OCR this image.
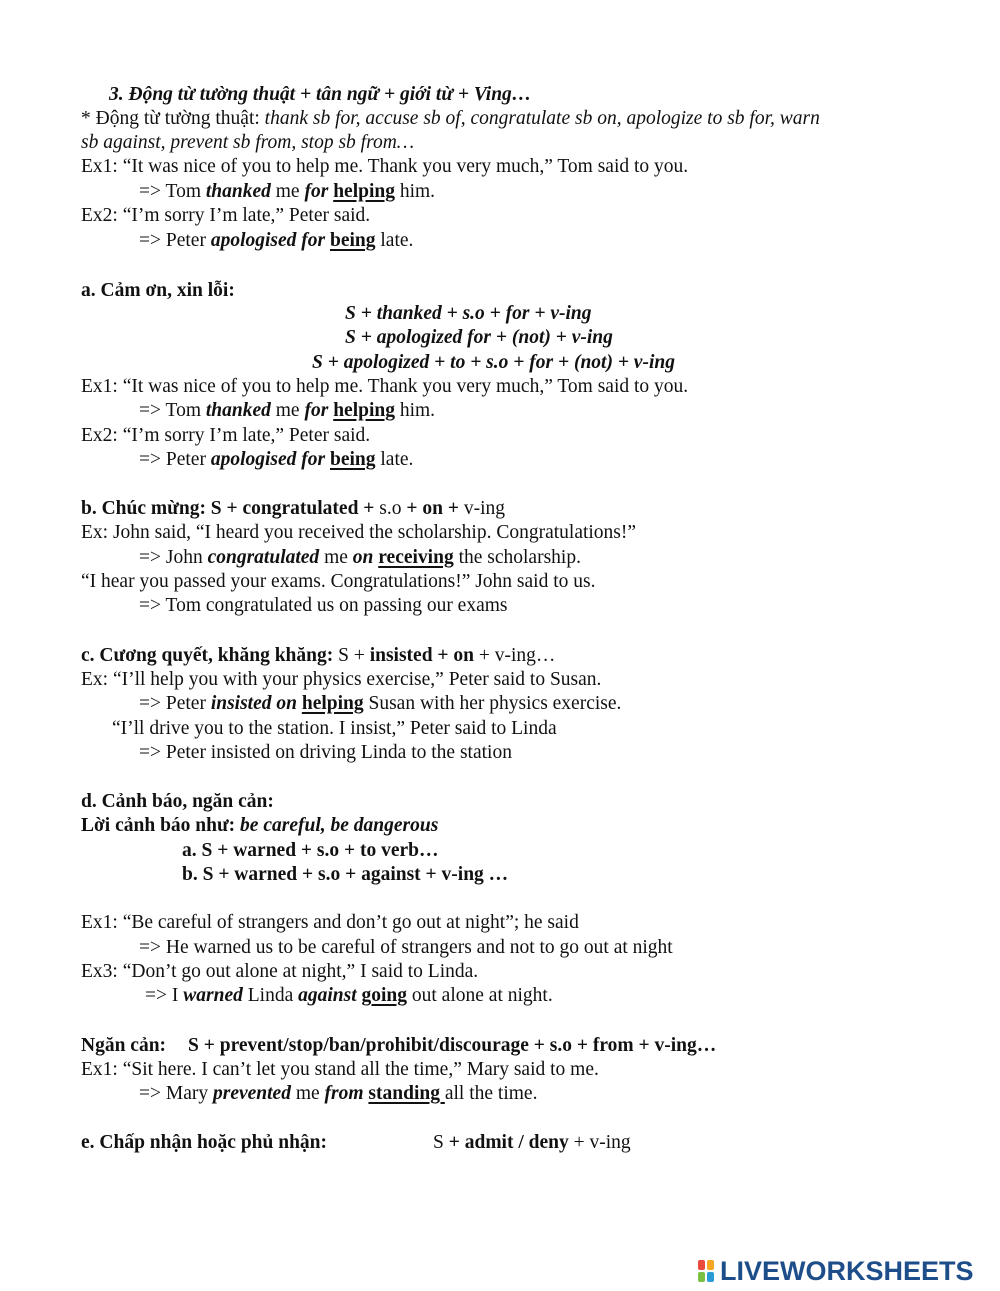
3. Động từ tường thuật + tân ngữ + giới từ + Ving…
* Động từ tường thuật: thank sb for, accuse sb of, congratulate sb on, apologize to sb for, warn
sb against, prevent sb from, stop sb from…
Ex1: “It was nice of you to help me. Thank you very much,” Tom said to you.
=> Tom thanked me for helping him.
Ex2: “I’m sorry I’m late,” Peter said.
=> Peter apologised for being late.
a. Cảm ơn, xin lỗi:
S + thanked + s.o + for + v-ing
S + apologized for + (not) + v-ing
S + apologized + to + s.o + for + (not) + v-ing
Ex1: “It was nice of you to help me. Thank you very much,” Tom said to you.
=> Tom thanked me for helping him.
Ex2: “I’m sorry I’m late,” Peter said.
=> Peter apologised for being late.
b. Chúc mừng: S + congratulated + s.o + on + v-ing
Ex: John said, “I heard you received the scholarship. Congratulations!”
=> John congratulated me on receiving the scholarship.
“I hear you passed your exams. Congratulations!” John said to us.
=> Tom congratulated us on passing our exams
c. Cương quyết, khăng khăng: S + insisted + on + v-ing…
Ex: “I’ll help you with your physics exercise,” Peter said to Susan.
=> Peter insisted on helping Susan with her physics exercise.
“I’ll drive you to the station. I insist,” Peter said to Linda
=> Peter insisted on driving Linda to the station
d. Cảnh báo, ngăn cản:
Lời cảnh báo như: be careful, be dangerous
a. S + warned + s.o + to verb…
b. S + warned + s.o + against + v-ing …
Ex1: “Be careful of strangers and don’t go out at night”; he said
=> He warned us to be careful of strangers and not to go out at night
Ex3: “Don’t go out alone at night,” I said to Linda.
=> I warned Linda against going out alone at night.
Ngăn cản: S + prevent/stop/ban/prohibit/discourage + s.o + from + v-ing…
Ex1: “Sit here. I can’t let you stand all the time,” Mary said to me.
=> Mary prevented me from standing all the time.
e. Chấp nhận hoặc phủ nhận:	S + admit / deny + v-ing
LIVEWORKSHEETS
